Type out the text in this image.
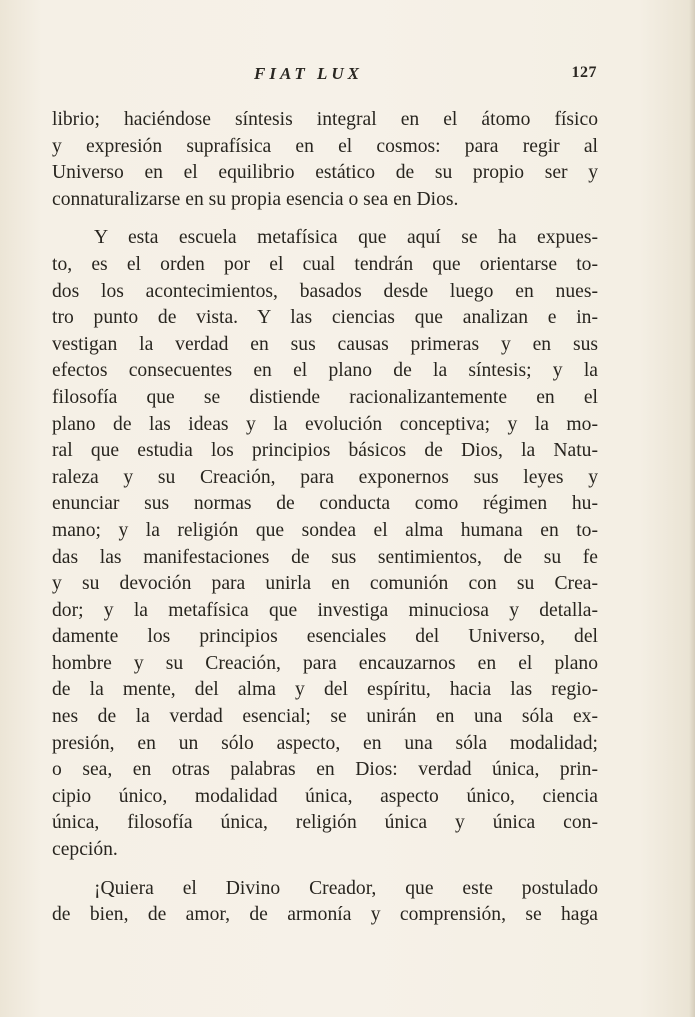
FIAT LUX	127
librio; haciéndose síntesis integral en el átomo físico
y expresión suprafísica en el cosmos: para regir al
Universo en el equilibrio estático de su propio ser y
connaturalizarse en su propia esencia o sea en Dios.
Y esta escuela metafísica que aquí se ha expues-
to, es el orden por el cual tendrán que orientarse to-
dos los acontecimientos, basados desde luego en nues-
tro punto de vista. Y las ciencias que analizan e in-
vestigan la verdad en sus causas primeras y en sus
efectos consecuentes en el plano de la síntesis; y la
filosofía que se distiende racionalizantemente en el
plano de las ideas y la evolución conceptiva; y la mo-
ral que estudia los principios básicos de Dios, la Natu-
raleza y su Creación, para exponernos sus leyes y
enunciar sus normas de conducta como régimen hu-
mano; y la religión que sondea el alma humana en to-
das las manifestaciones de sus sentimientos, de su fe
y su devoción para unirla en comunión con su Crea-
dor; y la metafísica que investiga minuciosa y detalla-
damente los principios esenciales del Universo, del
hombre y su Creación, para encauzarnos en el plano
de la mente, del alma y del espíritu, hacia las regio-
nes de la verdad esencial; se unirán en una sóla ex-
presión, en un sólo aspecto, en una sóla modalidad;
o sea, en otras palabras en Dios: verdad única, prin-
cipio único, modalidad única, aspecto único, ciencia
única, filosofía única, religión única y única con-
cepción.
¡Quiera el Divino Creador, que este postulado
de bien, de amor, de armonía y comprensión, se haga
